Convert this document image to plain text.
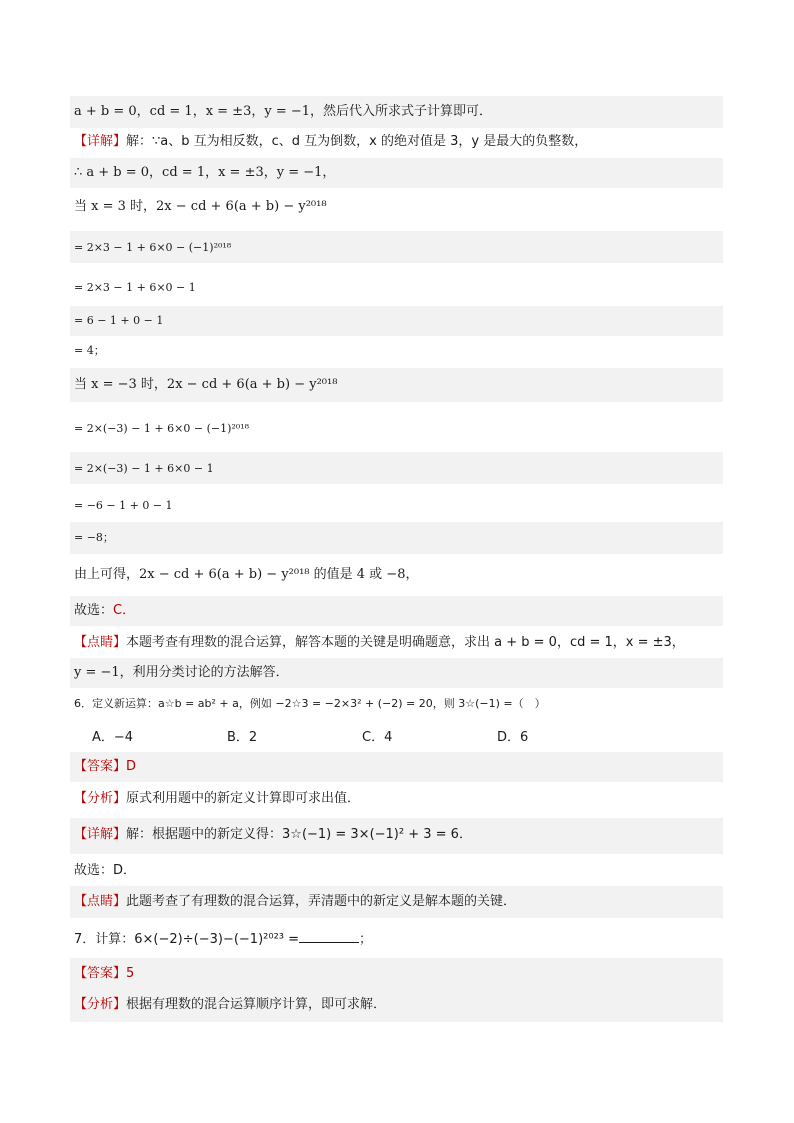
a + b = 0，cd = 1，x = ±3，y = −1，然后代入所求式子计算即可．
【详解】解：∵a、b 互为相反数，c、d 互为倒数，x 的绝对值是 3，y 是最大的负整数，
∴ a + b = 0，cd = 1，x = ±3，y = −1，
当 x = 3 时，2x − cd + 6(a + b) − y²⁰¹⁸
= 2×3 − 1 + 6×0 − (−1)²⁰¹⁸
= 2×3 − 1 + 6×0 − 1
= 6 − 1 + 0 − 1
= 4；
当 x = −3 时，2x − cd + 6(a + b) − y²⁰¹⁸
= 2×(−3) − 1 + 6×0 − (−1)²⁰¹⁸
= 2×(−3) − 1 + 6×0 − 1
= −6 − 1 + 0 − 1
= −8；
由上可得，2x − cd + 6(a + b) − y²⁰¹⁸ 的值是 4 或 −8，
故选：C．
【点睛】本题考查有理数的混合运算，解答本题的关键是明确题意，求出 a + b = 0，cd = 1，x = ±3，
y = −1，利用分类讨论的方法解答．
6．定义新运算：a☆b = ab² + a，例如 −2☆3 = −2×3² + (−2) = 20，则 3☆(−1) =（　）
A．−4	B．2	C．4	D．6
【答案】D
【分析】原式利用题中的新定义计算即可求出值．
【详解】解：根据题中的新定义得：3☆(−1) = 3×(−1)² + 3 = 6．
故选：D．
【点睛】此题考查了有理数的混合运算，弄清题中的新定义是解本题的关键．
7．计算：6×(−2)÷(−3)−(−1)²⁰²³ =	；
【答案】5
【分析】根据有理数的混合运算顺序计算，即可求解．
